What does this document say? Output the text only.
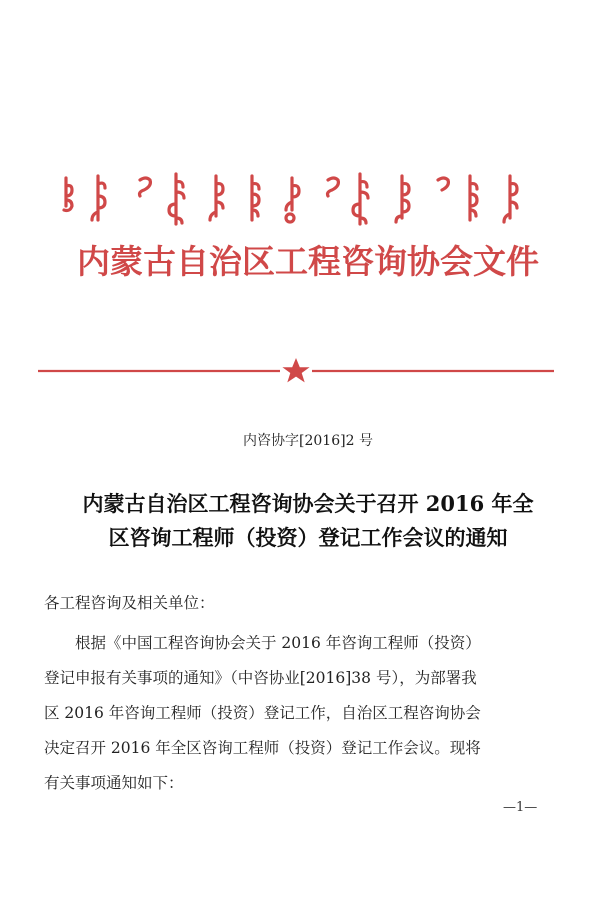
内蒙古自治区工程咨询协会文件
内咨协字[2016]2 号
内蒙古自治区工程咨询协会关于召开 2016 年全
区咨询工程师（投资）登记工作会议的通知
各工程咨询及相关单位：
根据《中国工程咨询协会关于 2016 年咨询工程师（投资）
登记申报有关事项的通知》（中咨协业[2016]38 号），为部署我
区 2016 年咨询工程师（投资）登记工作，自治区工程咨询协会
决定召开 2016 年全区咨询工程师（投资）登记工作会议。现将
有关事项通知如下：
—1—
